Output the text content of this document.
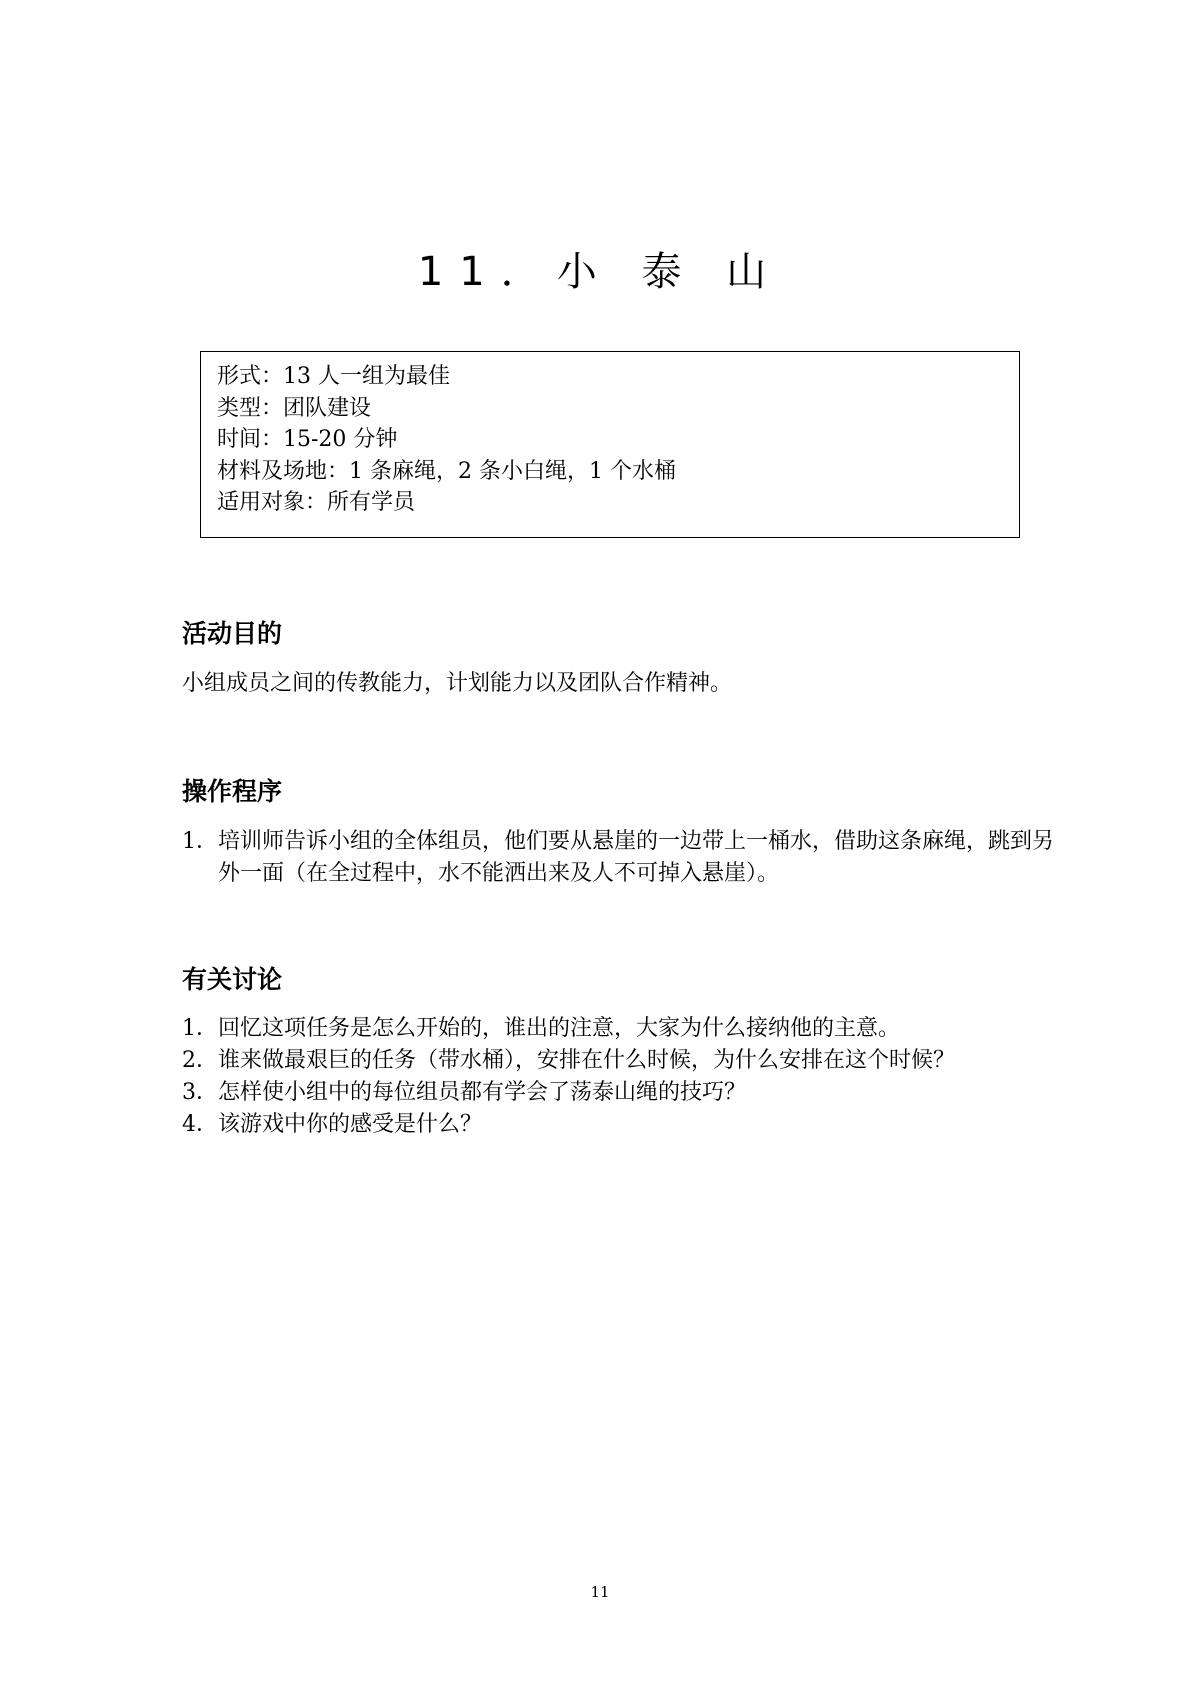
11．小 泰 山
形式：13 人一组为最佳
类型：团队建设
时间：15-20 分钟
材料及场地：1 条麻绳，2 条小白绳，1 个水桶
适用对象：所有学员
活动目的
小组成员之间的传教能力，计划能力以及团队合作精神。
操作程序
1． 培训师告诉小组的全体组员，他们要从悬崖的一边带上一桶水，借助这条麻绳，跳到另外一面（在全过程中，水不能洒出来及人不可掉入悬崖）。
有关讨论
1． 回忆这项任务是怎么开始的，谁出的注意，大家为什么接纳他的主意。
2． 谁来做最艰巨的任务（带水桶），安排在什么时候，为什么安排在这个时候？
3． 怎样使小组中的每位组员都有学会了荡泰山绳的技巧？
4． 该游戏中你的感受是什么？
11
